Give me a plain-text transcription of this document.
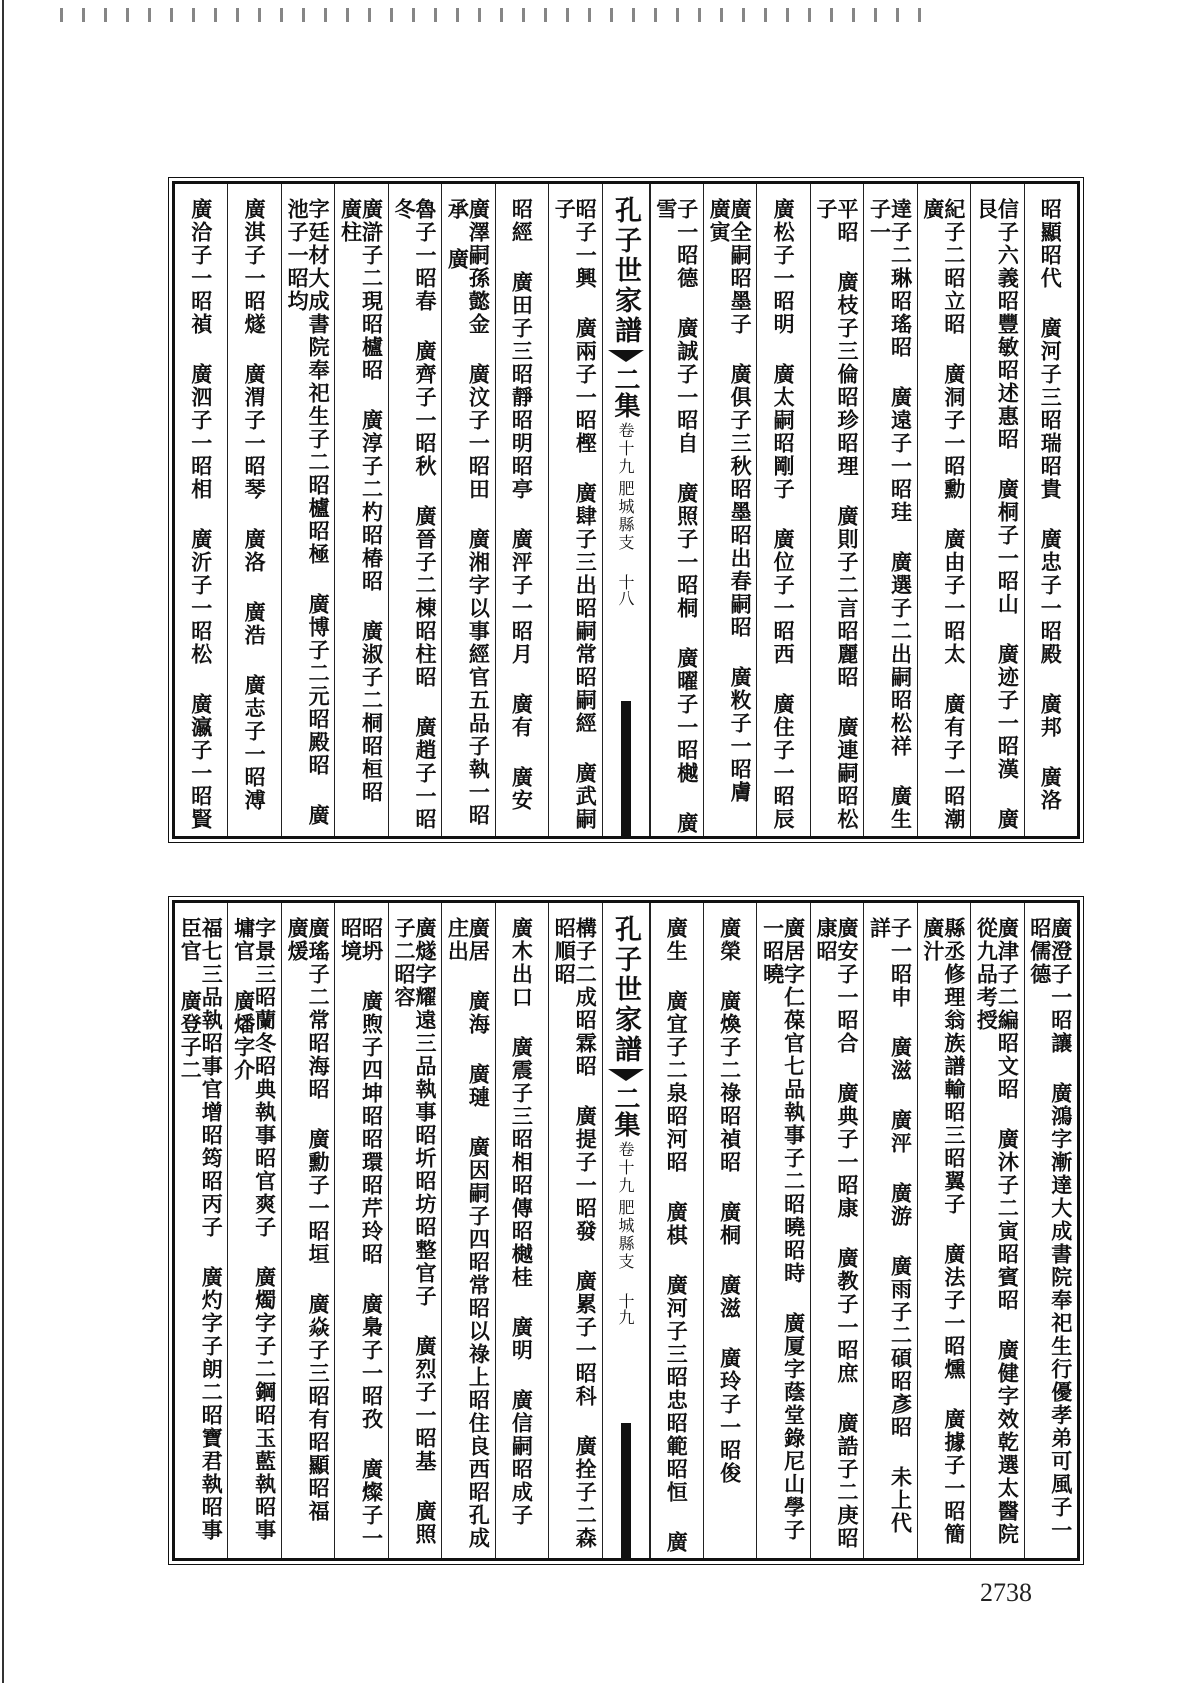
昭顯昭代 廣河子三昭瑞昭貴 廣忠子一昭殿 廣邦 廣洛
信子六義昭豐敏昭述惠昭 廣桐子一昭山 廣迹子一昭漢 廣艮
紀子二昭立昭 廣洞子一昭勳 廣由子一昭太 廣有子一昭潮 廣
達子二琳昭瑤昭 廣遠子一昭珪 廣選子二出嗣昭松祥 廣生子一
平昭 廣枝子三倫昭珍昭理 廣則子二言昭麗昭 廣連嗣昭松子
廣松子一昭明 廣太嗣昭剛子 廣位子一昭西 廣住子一昭辰
廣全嗣昭墨子 廣俱子三秋昭墨昭出春嗣昭 廣敉子一昭膚 廣寅
子一昭德 廣誠子一昭自 廣照子一昭桐 廣曜子一昭樾 廣雪
孔子世家譜
二集
卷十九
肥城縣支
十八
昭子一興 廣兩子一昭樫 廣肆子三出昭嗣常昭嗣經 廣武嗣子
昭經 廣田子三昭靜昭明昭亭 廣泙子一昭月 廣有 廣安
廣澤嗣孫懿金 廣汶子一昭田 廣湘字以事經官五品子執一昭承 廣
魯子一昭春 廣齊子一昭秋 廣晉子二棟昭柱昭 廣趙子一昭冬
廣滸子二現昭櫨昭 廣淳子二杓昭椿昭 廣淑子二桐昭桓昭 廣柱
字廷材大成書院奉祀生子二昭櫨昭極 廣博子二元昭殿昭 廣池子一昭均
廣淇子一昭燧 廣渭子一昭琴 廣洛 廣浩 廣志子一昭溥
廣洽子一昭禎 廣泗子一昭相 廣沂子一昭松 廣瀛子一昭賢
廣澄子一昭讓 廣鴻字漸達大成書院奉祀生行優孝弟可風子一昭儒德
廣津子二編昭文昭 廣沐子二寅昭賓昭 廣健字效乾選太醫院從九品考授
縣丞修理翁族譜輸昭三昭翼子 廣法子一昭燻 廣據子一昭簡 廣汁
子一昭申 廣滋 廣泙 廣游 廣雨子二碩昭彥昭 未上代詳
廣安子一昭合 廣典子一昭康 廣教子一昭庶 廣誥子二庚昭康昭
廣居字仁葆官七品執事子二昭曉昭時 廣厦字蔭堂錄尼山學子一昭曉
廣榮 廣煥子二祿昭禎昭 廣桐 廣滋 廣玲子一昭俊
廣生 廣宜子二泉昭河昭 廣棋 廣河子三昭忠昭範昭恒 廣
孔子世家譜
二集
卷十九
肥城縣支
十九
構子二成昭霖昭 廣提子一昭發 廣累子一昭科 廣拴子二森昭順昭
廣木出口 廣震子三昭相昭傳昭樾桂 廣明 廣信嗣昭成子
廣居 廣海 廣璉 廣因嗣子四昭常昭以祿上昭住良西昭孔成庄出
廣燧字耀遠三品執事昭圻昭坊昭整官子 廣烈子一昭基 廣照子二昭容
昭坍 廣煦子四坤昭昭環昭芹玲昭 廣梟子一昭孜 廣燦子一昭境
廣瑤子二常昭海昭 廣勳子一昭垣 廣焱子三昭有昭顯昭福 廣煖
字景三昭蘭冬昭典執事昭官爽子 廣燭字子二鋼昭玉藍執昭事墉官 廣燔字介
福七三品執昭事官增昭筠昭丙子 廣灼字子朗二昭寶君執昭事臣官 廣登子二
2738
